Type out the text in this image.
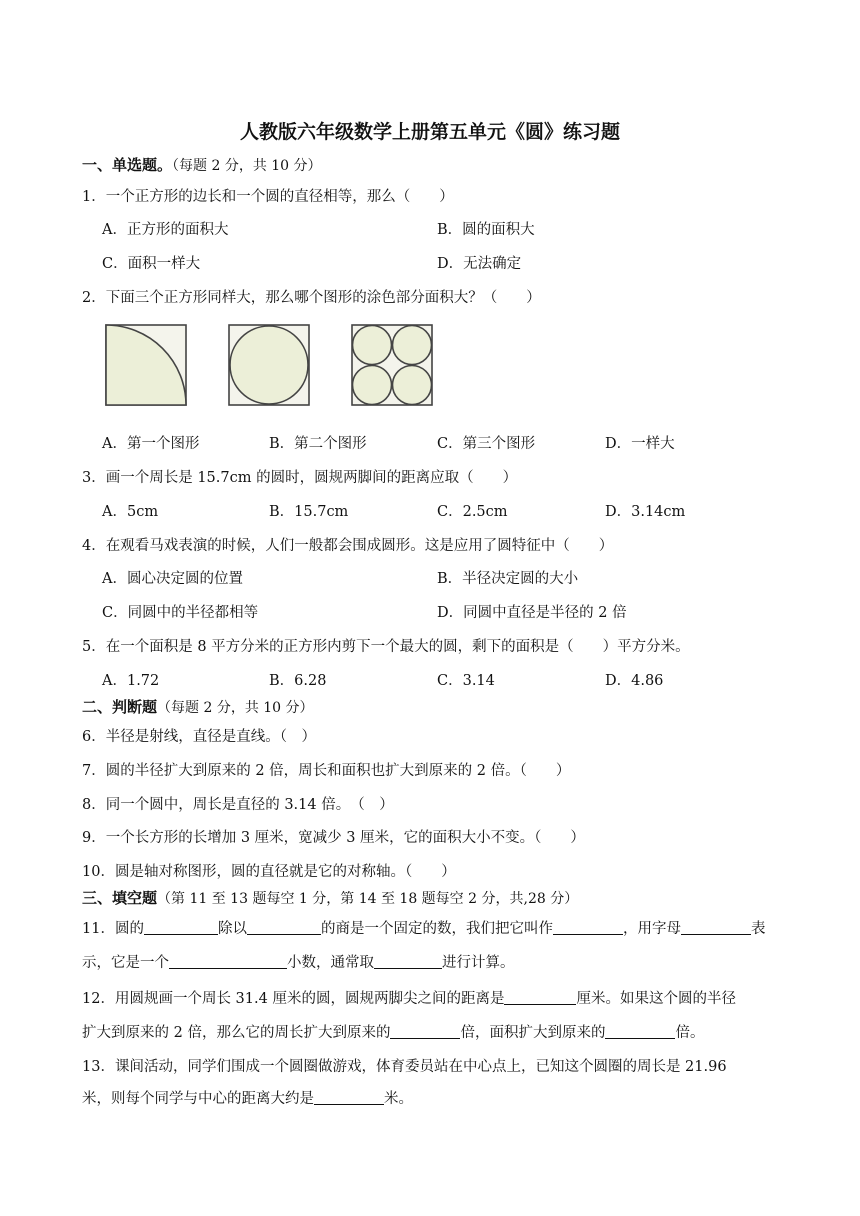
人教版六年级数学上册第五单元《圆》练习题
一、单选题。（每题 2 分，共 10 分）
1．一个正方形的边长和一个圆的直径相等，那么（　　）
A．正方形的面积大	B．圆的面积大
C．面积一样大	D．无法确定
2．下面三个正方形同样大，那么哪个图形的涂色部分面积大？（　　）
A．第一个图形	B．第二个图形	C．第三个图形	D．一样大
3．画一个周长是 15.7cm 的圆时，圆规两脚间的距离应取（　　）
A．5cm	B．15.7cm	C．2.5cm	D．3.14cm
4．在观看马戏表演的时候，人们一般都会围成圆形。这是应用了圆特征中（　　）
A．圆心决定圆的位置	B．半径决定圆的大小
C．同圆中的半径都相等	D．同圆中直径是半径的 2 倍
5．在一个面积是 8 平方分米的正方形内剪下一个最大的圆，剩下的面积是（　　）平方分米。
A．1.72	B．6.28	C．3.14	D．4.86
二、判断题（每题 2 分，共 10 分）
6．半径是射线，直径是直线。（　）
7．圆的半径扩大到原来的 2 倍，周长和面积也扩大到原来的 2 倍。（　　）
8．同一个圆中，周长是直径的 3.14 倍。　（　）
9．一个长方形的长增加 3 厘米，宽减少 3 厘米，它的面积大小不变。（　　）
10．圆是轴对称图形，圆的直径就是它的对称轴。（　　）
三、填空题（第 11 至 13 题每空 1 分，第 14 至 18 题每空 2 分，共,28 分）
11．圆的	除以	的商是一个固定的数，我们把它叫作	，用字母	表
示，它是一个	小数，通常取	进行计算。
12．用圆规画一个周长 31.4 厘米的圆，圆规两脚尖之间的距离是	厘米。如果这个圆的半径
扩大到原来的 2 倍，那么它的周长扩大到原来的	倍，面积扩大到原来的	倍。
13．课间活动，同学们围成一个圆圈做游戏，体育委员站在中心点上，已知这个圆圈的周长是 21.96
米，则每个同学与中心的距离大约是	米。
